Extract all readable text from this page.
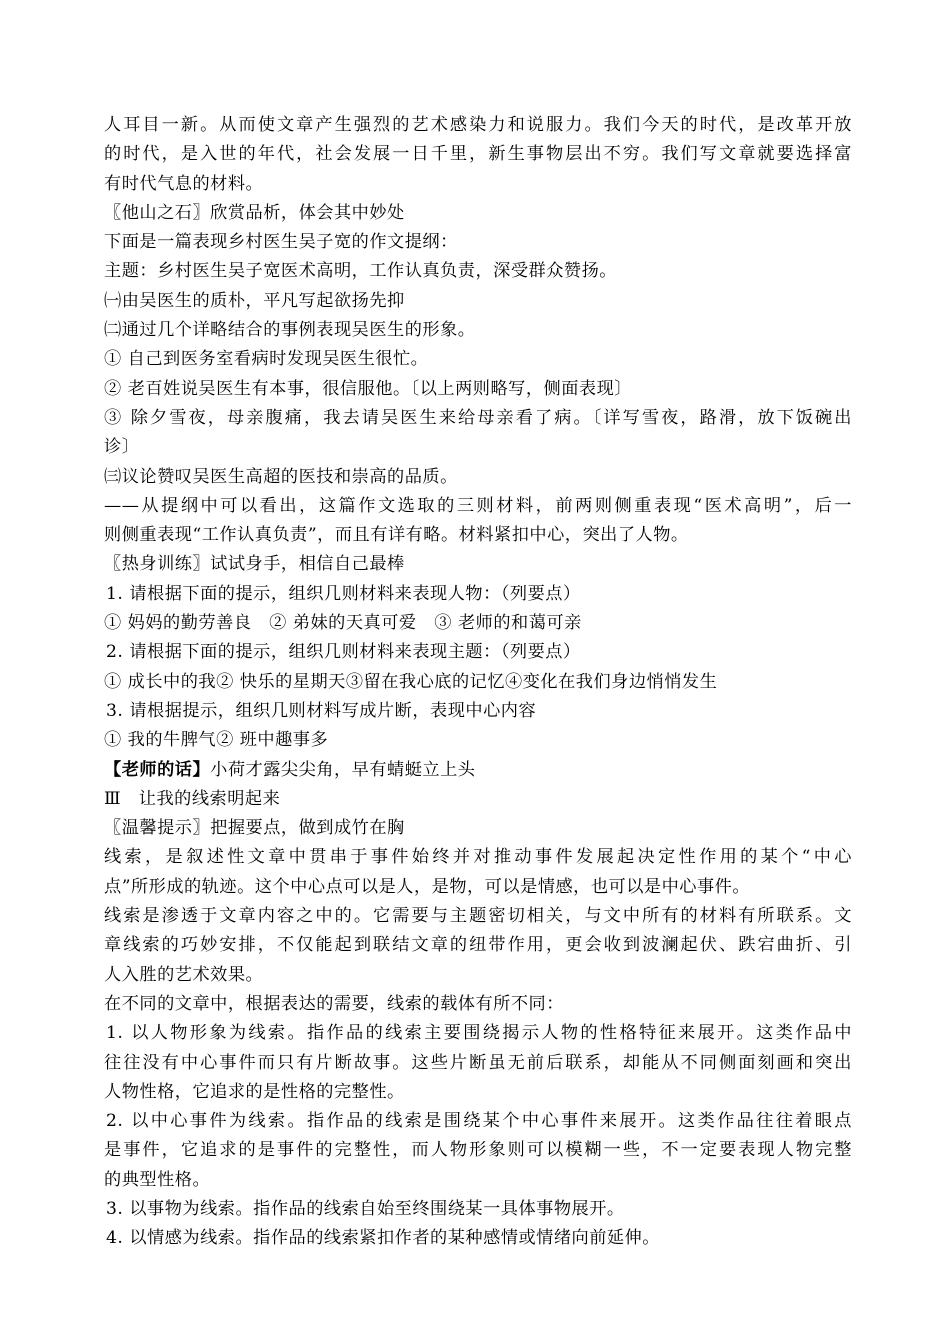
人耳目一新。从而使文章产生强烈的艺术感染力和说服力。我们今天的时代，是改革开放
的时代，是入世的年代，社会发展一日千里，新生事物层出不穷。我们写文章就要选择富
有时代气息的材料。
〖他山之石〗欣赏品析，体会其中妙处
下面是一篇表现乡村医生吴子宽的作文提纲：
主题：乡村医生吴子宽医术高明，工作认真负责，深受群众赞扬。
㈠由吴医生的质朴，平凡写起欲扬先抑
㈡通过几个详略结合的事例表现吴医生的形象。
① 自己到医务室看病时发现吴医生很忙。
② 老百姓说吴医生有本事，很信服他。〔以上两则略写，侧面表现〕
③ 除夕雪夜，母亲腹痛，我去请吴医生来给母亲看了病。〔详写雪夜，路滑，放下饭碗出
诊〕
㈢议论赞叹吴医生高超的医技和崇高的品质。
——从提纲中可以看出，这篇作文选取的三则材料，前两则侧重表现“医术高明”，后一
则侧重表现“工作认真负责”，而且有详有略。材料紧扣中心，突出了人物。
〖热身训练〗试试身手，相信自己最棒
1. 请根据下面的提示，组织几则材料来表现人物：（列要点）
① 妈妈的勤劳善良　② 弟妹的天真可爱　③ 老师的和蔼可亲
2. 请根据下面的提示，组织几则材料来表现主题：（列要点）
① 成长中的我② 快乐的星期天③留在我心底的记忆④变化在我们身边悄悄发生
3. 请根据提示，组织几则材料写成片断，表现中心内容
① 我的牛脾气② 班中趣事多
【老师的话】小荷才露尖尖角，早有蜻蜓立上头
Ⅲ　让我的线索明起来
〖温馨提示〗把握要点，做到成竹在胸
线索，是叙述性文章中贯串于事件始终并对推动事件发展起决定性作用的某个“中心
点”所形成的轨迹。这个中心点可以是人，是物，可以是情感，也可以是中心事件。
线索是渗透于文章内容之中的。它需要与主题密切相关，与文中所有的材料有所联系。文
章线索的巧妙安排，不仅能起到联结文章的纽带作用，更会收到波澜起伏、跌宕曲折、引
人入胜的艺术效果。
在不同的文章中，根据表达的需要，线索的载体有所不同：
1. 以人物形象为线索。指作品的线索主要围绕揭示人物的性格特征来展开。这类作品中
往往没有中心事件而只有片断故事。这些片断虽无前后联系，却能从不同侧面刻画和突出
人物性格，它追求的是性格的完整性。
2. 以中心事件为线索。指作品的线索是围绕某个中心事件来展开。这类作品往往着眼点
是事件，它追求的是事件的完整性，而人物形象则可以模糊一些，不一定要表现人物完整
的典型性格。
3. 以事物为线索。指作品的线索自始至终围绕某一具体事物展开。
4. 以情感为线索。指作品的线索紧扣作者的某种感情或情绪向前延伸。
